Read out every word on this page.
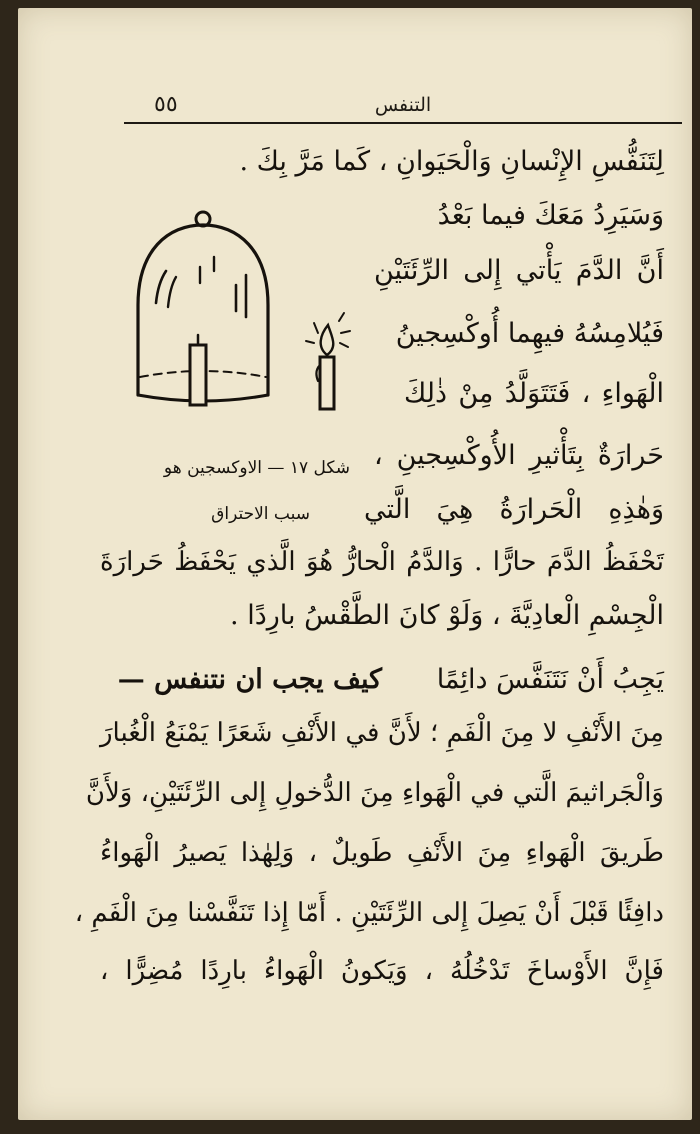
٥٥	التنفس
شكل ١٧ — الاوكسجين هو
سبب الاحتراق
لِتَنَفُّسِ الإِنْسانِ وَالْحَيَوانِ ، كَما مَرَّ بِكَ .
وَسَيَرِدُ مَعَكَ فيما بَعْدُ
أَنَّ الدَّمَ يَأْتي إِلى الرِّئَتَيْنِ
فَيُلامِسُهُ فيهِما أُوكْسِجينُ
الْهَواءِ ، فَتَتَوَلَّدُ مِنْ ذٰلِكَ
حَرارَةٌ بِتَأْثيرِ الأُوكْسِجينِ ،
وَهٰذِهِ الْحَرارَةُ هِيَ الَّتي
تَحْفَظُ الدَّمَ حارًّا . وَالدَّمُ الْحارُّ هُوَ الَّذي يَحْفَظُ حَرارَةَ
الْجِسْمِ الْعادِيَّةَ ، وَلَوْ كانَ الطَّقْسُ بارِدًا .
كيف يجب ان نتنفس —	يَجِبُ أَنْ نَتَنَفَّسَ دائِمًا
مِنَ الأَنْفِ لا مِنَ الْفَمِ ؛ لأَنَّ في الأَنْفِ شَعَرًا يَمْنَعُ الْغُبارَ
وَالْجَراثيمَ الَّتي في الْهَواءِ مِنَ الدُّخولِ إِلى الرِّئَتَيْنِ، وَلأَنَّ
طَريقَ الْهَواءِ مِنَ الأَنْفِ طَويلٌ ، وَلِهٰذا يَصيرُ الْهَواءُ
دافِئًا قَبْلَ أَنْ يَصِلَ إِلى الرِّئَتَيْنِ . أَمّا إِذا تَنَفَّسْنا مِنَ الْفَمِ ،
فَإِنَّ الأَوْساخَ تَدْخُلُهُ ، وَيَكونُ الْهَواءُ بارِدًا مُضِرًّا ،
